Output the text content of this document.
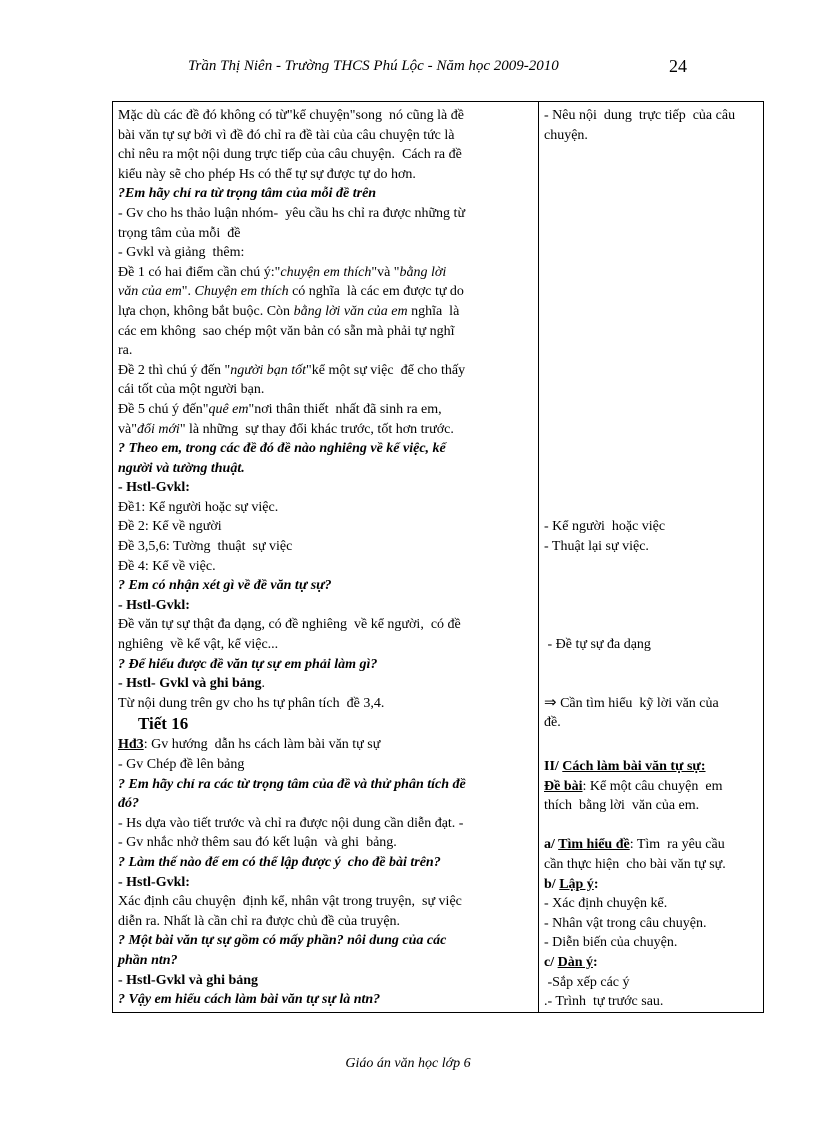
Trần Thị Niên - Trường THCS Phú Lộc - Năm học 2009-2010	24
Mặc dù các đề đó không có từ"kể chuyện"song  nó cũng là đề
bài văn tự sự bởi vì đề đó chỉ ra đề tài của câu chuyện tức là
chỉ nêu ra một nội dung trực tiếp của câu chuyện.  Cách ra đề
kiểu này sẽ cho phép Hs có thể tự sự được tự do hơn.
?Em hãy chỉ ra từ trọng tâm của mỗi đề trên
- Gv cho hs thảo luận nhóm-  yêu cầu hs chỉ ra được những từ
trọng tâm của mỗi  đề
- Gvkl và giảng  thêm:
Đề 1 có hai điểm cần chú ý:"chuyện em thích"và "bằng lời
văn của em". Chuyện em thích có nghĩa  là các em được tự do
lựa chọn, không bắt buộc. Còn bằng lời văn của em nghĩa  là
các em không  sao chép một văn bản có sẵn mà phải tự nghĩ
ra.
Đề 2 thì chú ý đến "người bạn tốt"kể một sự việc  để cho thấy
cái tốt của một người bạn.
Đề 5 chú ý đến"quê em"nơi thân thiết  nhất đã sinh ra em,
và"đổi mới" là những  sự thay đổi khác trước, tốt hơn trước.
? Theo em, trong các đề đó đề nào nghiêng về kể việc, kể
người và tường thuật.
- Hstl-Gvkl:
Đề1: Kể người hoặc sự việc.
Đề 2: Kể về người
Đề 3,5,6: Tường  thuật  sự việc
Đề 4: Kể về việc.
? Em có nhận xét gì về đề văn tự sự?
- Hstl-Gvkl:
Đề văn tự sự thật đa dạng, có đề nghiêng  về kể người,  có đề
nghiêng  về kể vật, kể việc...
? Để hiểu được đề văn tự sự em phải làm gì?
- Hstl- Gvkl và ghi bảng.
Từ nội dung trên gv cho hs tự phân tích  đề 3,4.
Tiết 16
Hđ3: Gv hướng  dẫn hs cách làm bài văn tự sự
- Gv Chép đề lên bảng
? Em hãy chỉ ra các từ trọng tâm của đề và thử phân tích đề
đó?
- Hs dựa vào tiết trước và chỉ ra được nội dung cần diễn đạt. -
- Gv nhắc nhở thêm sau đó kết luận  và ghi  bảng.
? Làm thế nào để em có thể lập được ý  cho đề bài trên?
- Hstl-Gvkl:
Xác định câu chuyện  định kể, nhân vật trong truyện,  sự việc
diễn ra. Nhất là cần chỉ ra được chủ đề của truyện.
? Một bài văn tự sự gồm có mấy phần? nôi dung của các
phần ntn?
- Hstl-Gvkl và ghi bảng
? Vậy em hiểu cách làm bài văn tự sự là ntn?

- Nêu nội  dung  trực tiếp  của câu
chuyện.
- Kể người  hoặc việc
- Thuật lại sự việc.
- Đề tự sự đa dạng
⇒ Cần tìm hiểu  kỹ lời văn của
đề.
II/ Cách làm bài văn tự sự:
Đề bài: Kể một câu chuyện  em
thích  bằng lời  văn của em.
a/ Tìm hiểu đề: Tìm  ra yêu cầu
cần thực hiện  cho bài văn tự sự.
b/ Lập ý:
- Xác định chuyện kể.
- Nhân vật trong câu chuyện.
- Diễn biến của chuyện.
c/ Dàn ý:
-Sắp xếp các ý
.- Trình  tự trước sau.
Giáo án văn học lớp 6
